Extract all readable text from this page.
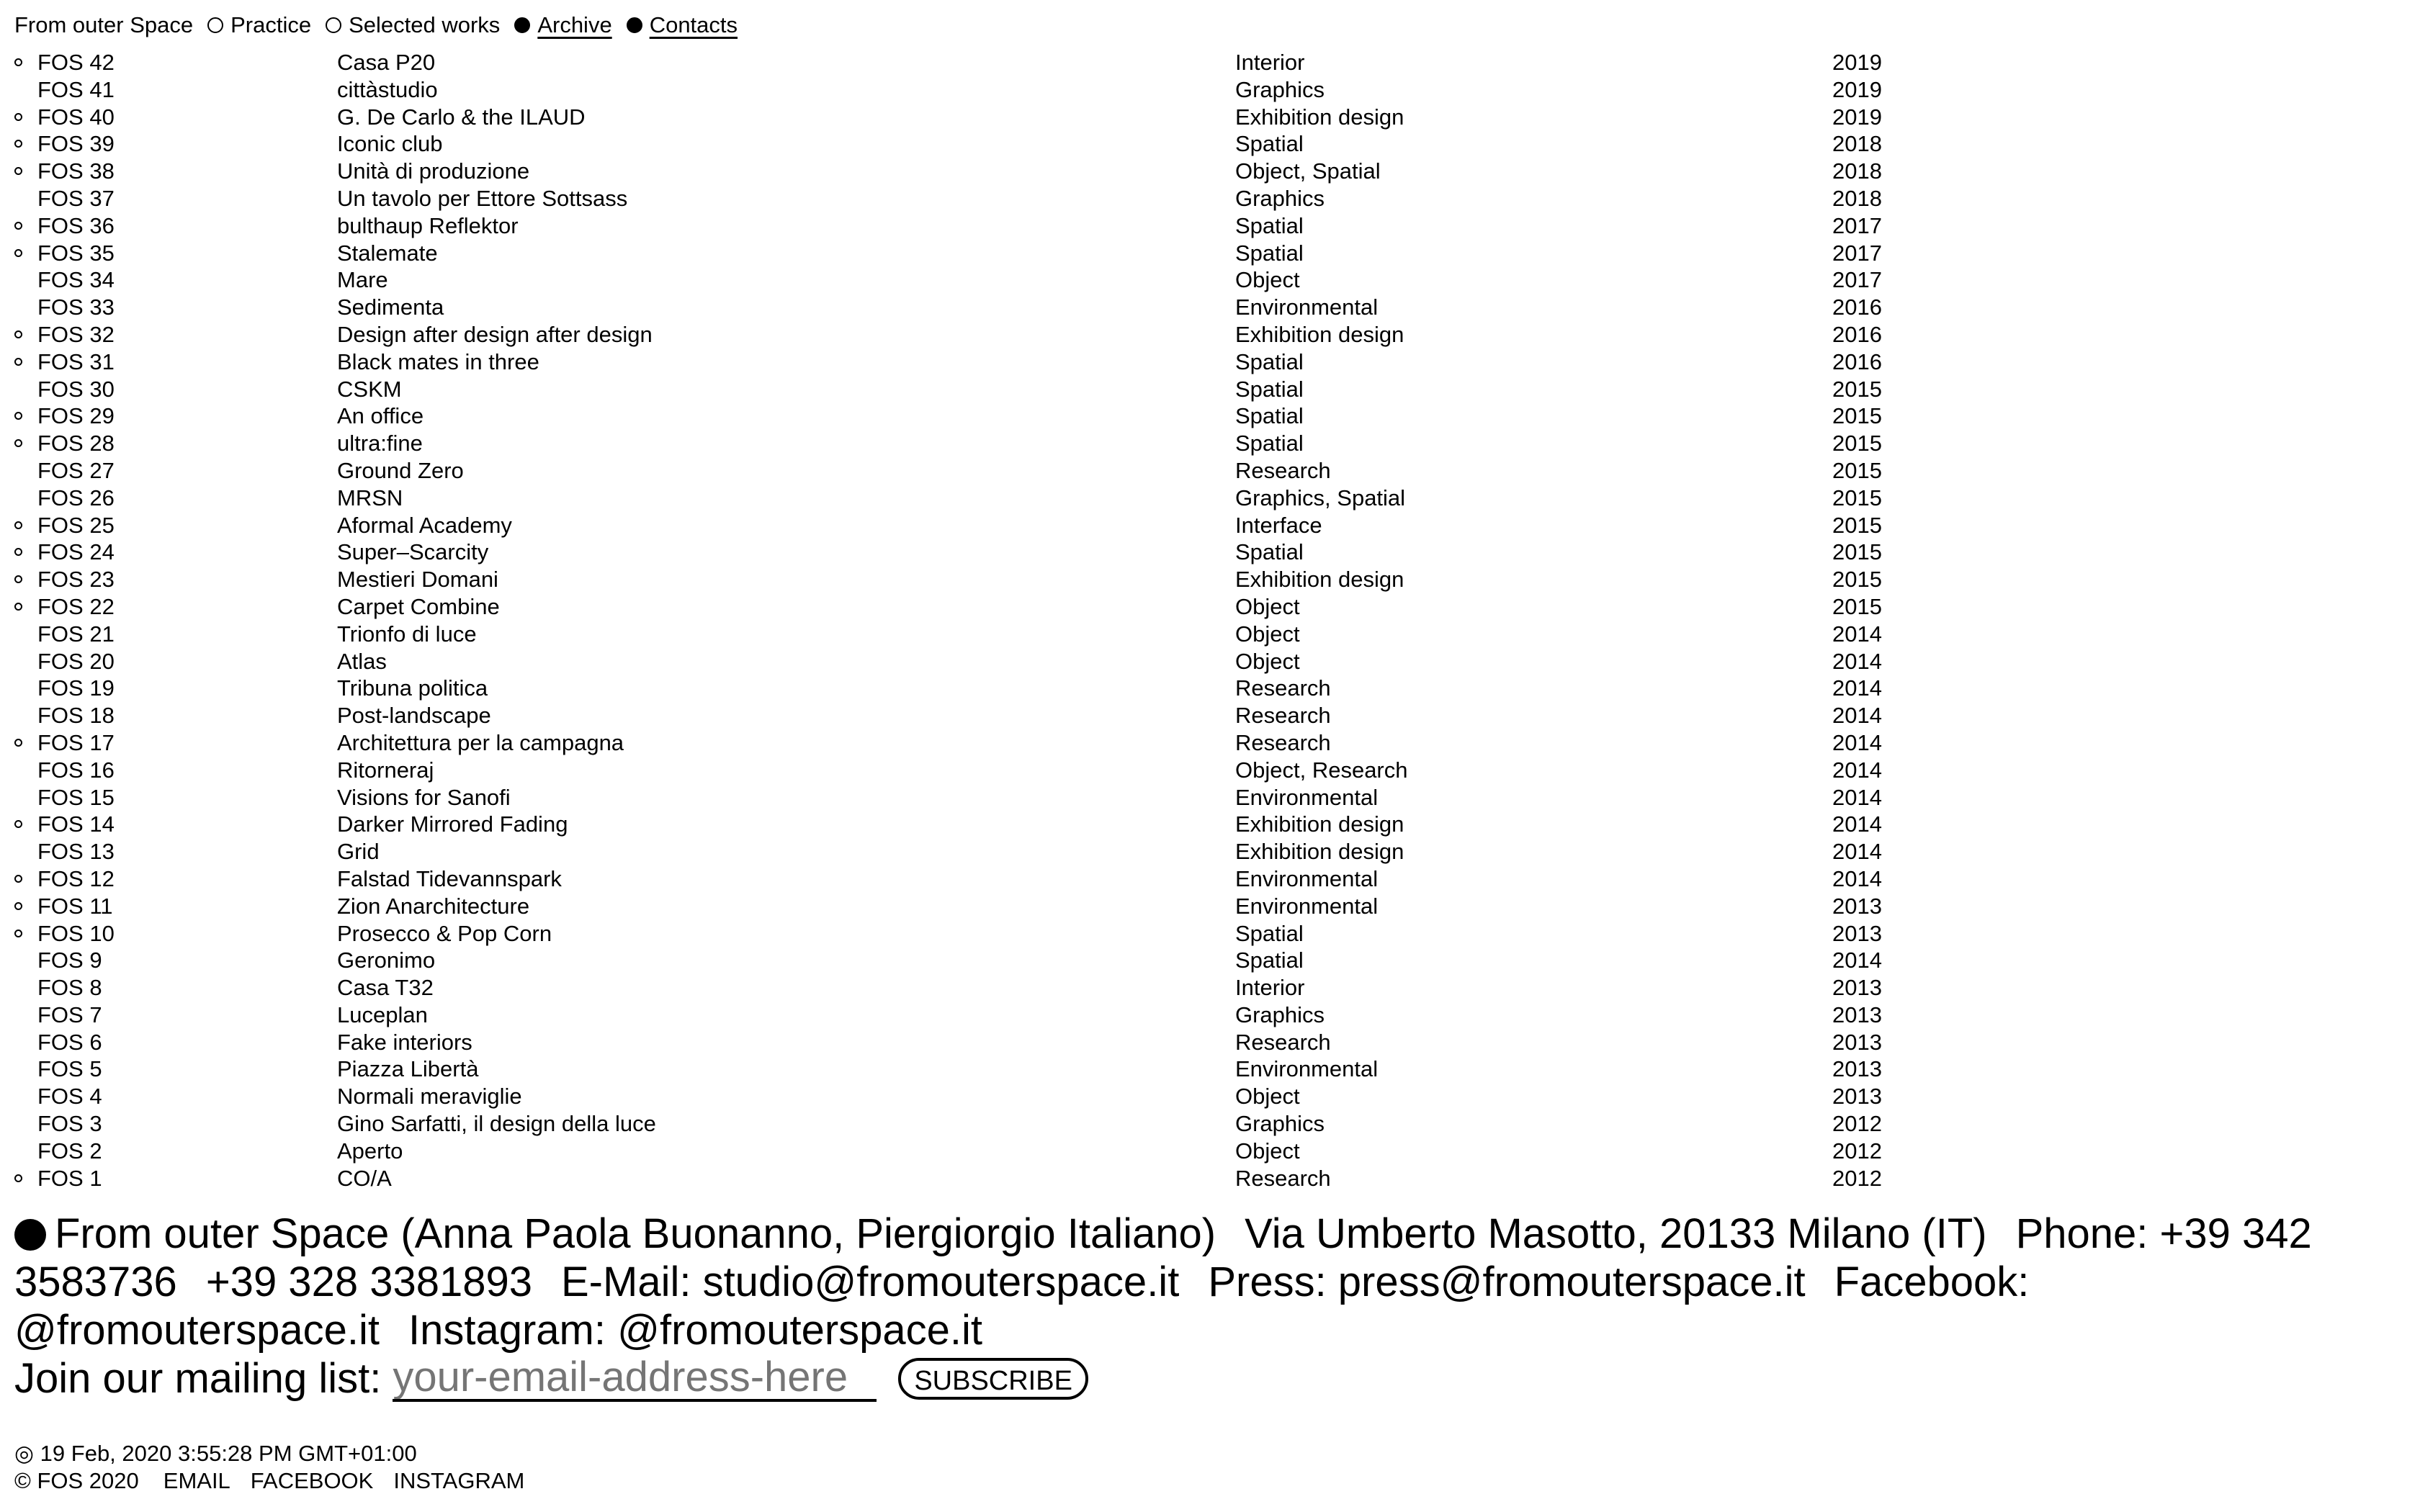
From outer Space Practice Selected works Archive Contacts
FOS 42	Casa P20	Interior	2019
FOS 41	cittàstudio	Graphics	2019
FOS 40	G. De Carlo & the ILAUD	Exhibition design	2019
FOS 39	Iconic club	Spatial	2018
FOS 38	Unità di produzione	Object, Spatial	2018
FOS 37	Un tavolo per Ettore Sottsass	Graphics	2018
FOS 36	bulthaup Reflektor	Spatial	2017
FOS 35	Stalemate	Spatial	2017
FOS 34	Mare	Object	2017
FOS 33	Sedimenta	Environmental	2016
FOS 32	Design after design after design	Exhibition design	2016
FOS 31	Black mates in three	Spatial	2016
FOS 30	CSKM	Spatial	2015
FOS 29	An office	Spatial	2015
FOS 28	ultra:fine	Spatial	2015
FOS 27	Ground Zero	Research	2015
FOS 26	MRSN	Graphics, Spatial	2015
FOS 25	Aformal Academy	Interface	2015
FOS 24	Super–Scarcity	Spatial	2015
FOS 23	Mestieri Domani	Exhibition design	2015
FOS 22	Carpet Combine	Object	2015
FOS 21	Trionfo di luce	Object	2014
FOS 20	Atlas	Object	2014
FOS 19	Tribuna politica	Research	2014
FOS 18	Post-landscape	Research	2014
FOS 17	Architettura per la campagna	Research	2014
FOS 16	Ritorneraj	Object, Research	2014
FOS 15	Visions for Sanofi	Environmental	2014
FOS 14	Darker Mirrored Fading	Exhibition design	2014
FOS 13	Grid	Exhibition design	2014
FOS 12	Falstad Tidevannspark	Environmental	2014
FOS 11	Zion Anarchitecture	Environmental	2013
FOS 10	Prosecco & Pop Corn	Spatial	2013
FOS 9	Geronimo	Spatial	2014
FOS 8	Casa T32	Interior	2013
FOS 7	Luceplan	Graphics	2013
FOS 6	Fake interiors	Research	2013
FOS 5	Piazza Libertà	Environmental	2013
FOS 4	Normali meraviglie	Object	2013
FOS 3	Gino Sarfatti, il design della luce	Graphics	2012
FOS 2	Aperto	Object	2012
FOS 1	CO/A	Research	2012
From outer Space (Anna Paola Buonanno, Piergiorgio Italiano) Via Umberto Masotto, 20133 Milano (IT) Phone: +39 342 3583736 +39 328 3381893 E-Mail: studio@fromouterspace.it Press: press@fromouterspace.it Facebook: @fromouterspace.it Instagram: @fromouterspace.it
Join our mailing list:
your-email-address-here	SUBSCRIBE
◎ 19 Feb, 2020 3:55:28 PM GMT+01:00
© FOS 2020 EMAIL FACEBOOK INSTAGRAM
